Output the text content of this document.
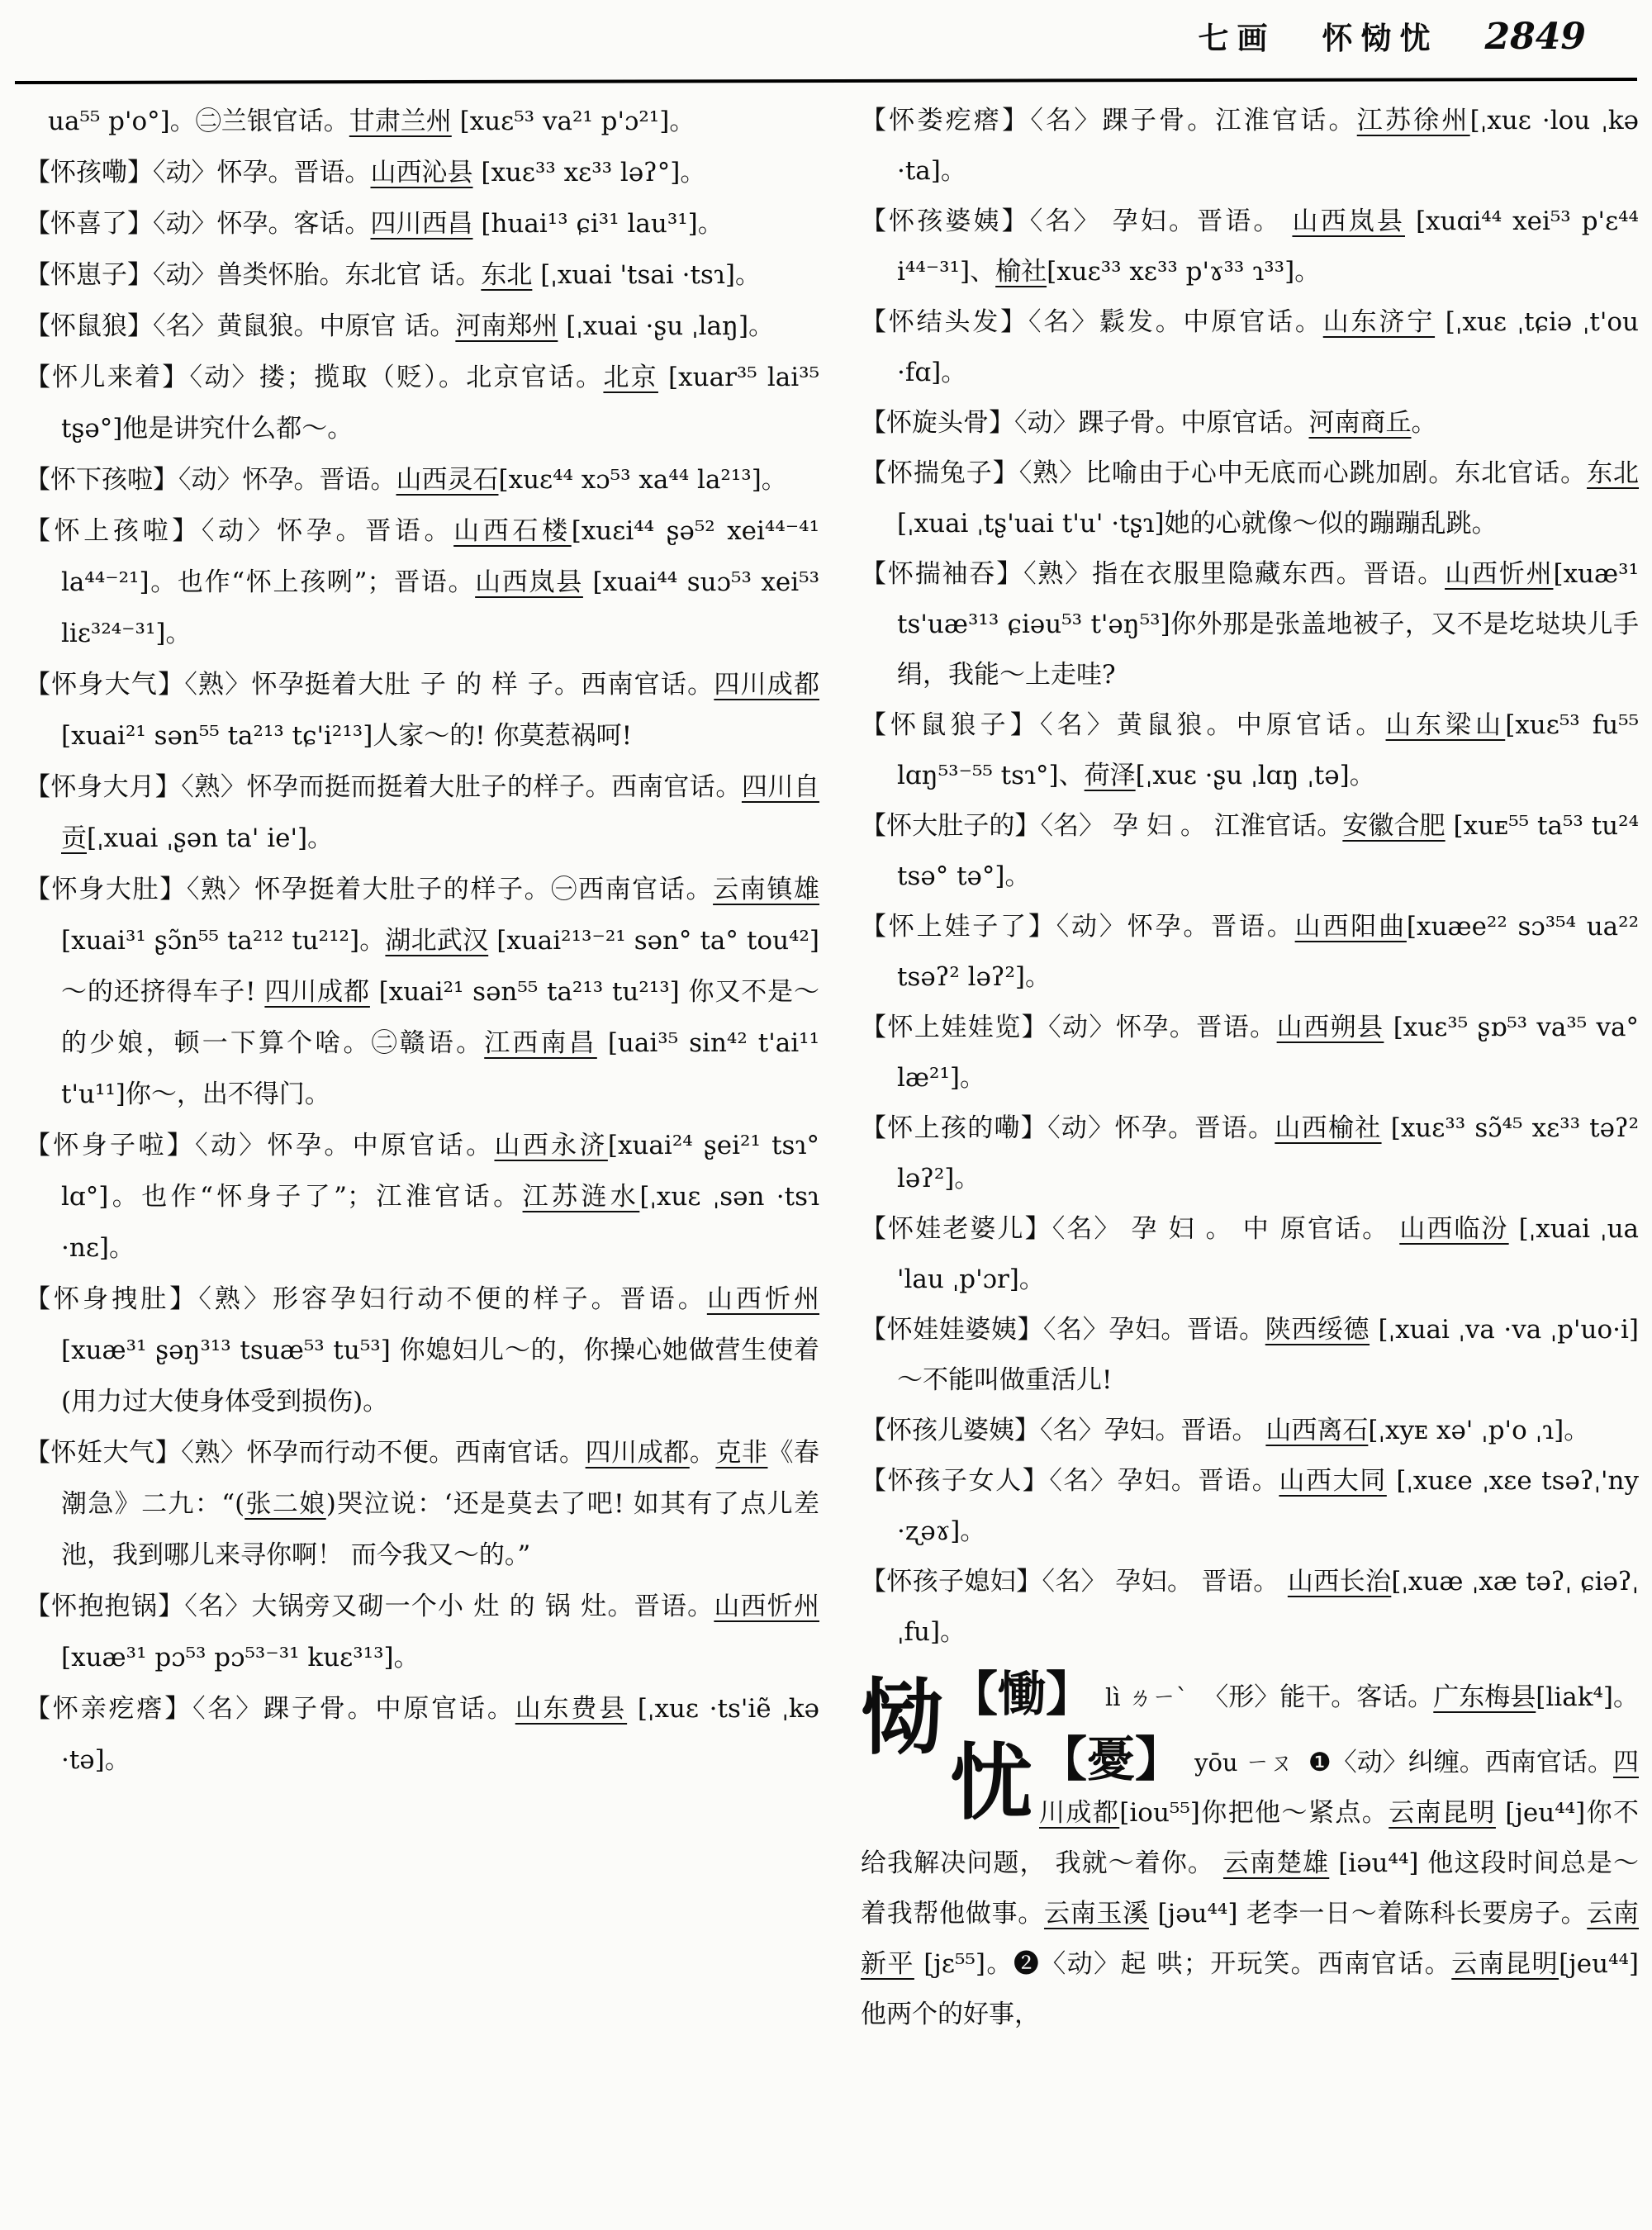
七画 怀恸忧 2849

ua⁵⁵ p'o°]。㊁兰银官话。甘肃兰州 [xuε⁵³ va²¹ p'ɔ²¹]。

【怀孩嘞】〈动〉怀孕。晋语。山西沁县 [xuε³³ xε³³ ləʔ°]。

【怀喜了】〈动〉怀孕。客话。四川西昌 [huai¹³ ɕi³¹ lau³¹]。

【怀崽子】〈动〉兽类怀胎。东北官 话。东北 [ˌxuai 'tsai ·tsɿ]。

【怀鼠狼】〈名〉黄鼠狼。中原官 话。河南郑州 [ˌxuai ·ʂu ˌlaŋ]。

【怀儿来着】〈动〉搂；揽取（贬）。北京官话。北京 [xuar³⁵ lai³⁵ tʂə°]他是讲究什么都～。

【怀下孩啦】〈动〉怀孕。晋语。山西灵石[xuε⁴⁴ xɔ⁵³ xa⁴⁴ la²¹³]。

【怀上孩啦】〈动〉怀孕。晋语。山西石楼[xuεi⁴⁴ ʂə⁵² xei⁴⁴⁻⁴¹ la⁴⁴⁻²¹]。也作“怀上孩咧”；晋语。山西岚县 [xuai⁴⁴ suɔ⁵³ xei⁵³ liε³²⁴⁻³¹]。

【怀身大气】〈熟〉怀孕挺着大肚 子 的 样 子。西南官话。四川成都[xuai²¹ sən⁵⁵ ta²¹³ tɕ'i²¹³]人家～的! 你莫惹祸呵!

【怀身大月】〈熟〉怀孕而挺而挺着大肚子的样子。西南官话。四川自贡[ˌxuai ˌʂən ta' ie']。

【怀身大肚】〈熟〉怀孕挺着大肚子的样子。㊀西南官话。云南镇雄[xuai³¹ ʂɔ̃n⁵⁵ ta²¹² tu²¹²]。湖北武汉 [xuai²¹³⁻²¹ sən° ta° tou⁴²]～的还挤得车子! 四川成都 [xuai²¹ sən⁵⁵ ta²¹³ tu²¹³] 你又不是～的少娘，顿一下算个啥。㊁赣语。江西南昌 [uai³⁵ sin⁴² t'ai¹¹ t'u¹¹]你～，出不得门。

【怀身子啦】〈动〉怀孕。中原官话。山西永济[xuai²⁴ ʂei²¹ tsɿ° lɑ°]。也作“怀身子了”；江淮官话。江苏涟水[ˌxuε ˌsən ·tsɿ ·nε]。

【怀身拽肚】〈熟〉形容孕妇行动不便的样子。晋语。山西忻州 [xuæ³¹ ʂəŋ³¹³ tsuæ⁵³ tu⁵³] 你媳妇儿～的，你操心她做营生使着(用力过大使身体受到损伤)。

【怀妊大气】〈熟〉怀孕而行动不便。西南官话。四川成都。克非《春潮急》二九：“(张二娘)哭泣说：‘还是莫去了吧! 如其有了点儿差池，我到哪儿来寻你啊！ 而今我又～的。”

【怀抱抱锅】〈名〉大锅旁又砌一个小 灶 的 锅 灶。晋语。山西忻州[xuæ³¹ pɔ⁵³ pɔ⁵³⁻³¹ kuε³¹³]。

【怀亲疙瘩】〈名〉踝子骨。中原官话。山东费县 [ˌxuε ·ts'iẽ ˌkə ·tə]。

【怀娄疙瘩】〈名〉踝子骨。江淮官话。江苏徐州[ˌxuε ·lou ˌkə ·ta]。

【怀孩婆姨】〈名〉 孕妇。晋语。 山西岚县 [xuɑi⁴⁴ xei⁵³ p'ε⁴⁴ i⁴⁴⁻³¹]、榆社[xuε³³ xε³³ p'ɤ³³ ɿ³³]。

【怀结头发】〈名〉鬏发。中原官话。山东济宁 [ˌxuε ˌtɕiə ˌt'ou ·fɑ]。

【怀旋头骨】〈动〉踝子骨。中原官话。河南商丘。

【怀揣兔子】〈熟〉比喻由于心中无底而心跳加剧。东北官话。东北[ˌxuai ˌtʂ'uai t'u' ·tʂɿ]她的心就像～似的蹦蹦乱跳。

【怀揣袖吞】〈熟〉指在衣服里隐藏东西。晋语。山西忻州[xuæ³¹ ts'uæ³¹³ ɕiəu⁵³ t'əŋ⁵³]你外那是张盖地被子，又不是圪垯块儿手绢，我能～上走哇?

【怀鼠狼子】〈名〉黄鼠狼。中原官话。山东梁山[xuε⁵³ fu⁵⁵ lɑŋ⁵³⁻⁵⁵ tsɿ°]、荷泽[ˌxuε ·ʂu ˌlɑŋ ˌtə]。

【怀大肚子的】〈名〉 孕 妇 。 江淮官话。安徽合肥 [xuᴇ⁵⁵ ta⁵³ tu²⁴ tsə° tə°]。

【怀上娃子了】〈动〉怀孕。晋语。山西阳曲[xuæe²² sɔ³⁵⁴ ua²² tsəʔ² ləʔ²]。

【怀上娃娃览】〈动〉怀孕。晋语。山西朔县 [xuε³⁵ ʂɒ⁵³ va³⁵ va° læ²¹]。

【怀上孩的嘞】〈动〉怀孕。晋语。山西榆社 [xuε³³ sɔ̃⁴⁵ xε³³ təʔ² ləʔ²]。

【怀娃老婆儿】〈名〉 孕 妇 。 中 原官话。 山西临汾 [ˌxuai ˌua 'lau ˌp'ɔr]。

【怀娃娃婆姨】〈名〉孕妇。晋语。陕西绥德 [ˌxuai ˌva ·va ˌp'uo·i]～不能叫做重活儿!

【怀孩儿婆姨】〈名〉孕妇。晋语。 山西离石[ˌxyᴇ xə' ˌp'o ˌɿ]。

【怀孩子女人】〈名〉孕妇。晋语。山西大同 [ˌxuεe ˌxεe tsəʔˌ'ny ·ʐəɤ]。

【怀孩子媳妇】〈名〉 孕妇。 晋语。 山西长治[ˌxuæ ˌxæ təʔˌ ɕiəʔˌ ˌfu]。

恸 【慟】 lì ㄌㄧˋ 〈形〉能干。客话。广东梅县[liak⁴]。
忧 【憂】 yōu ㄧㄡ ❶〈动〉纠缠。西南官话。四川成都[iou⁵⁵]你把他～紧点。云南昆明 [jeu⁴⁴]你不给我解决问题， 我就～着你。 云南楚雄 [iəu⁴⁴] 他这段时间总是～着我帮他做事。云南玉溪 [jəu⁴⁴] 老李一日～着陈科长要房子。云南新平 [jε⁵⁵]。❷〈动〉起 哄；开玩笑。西南官话。云南昆明[jeu⁴⁴] 他两个的好事，
